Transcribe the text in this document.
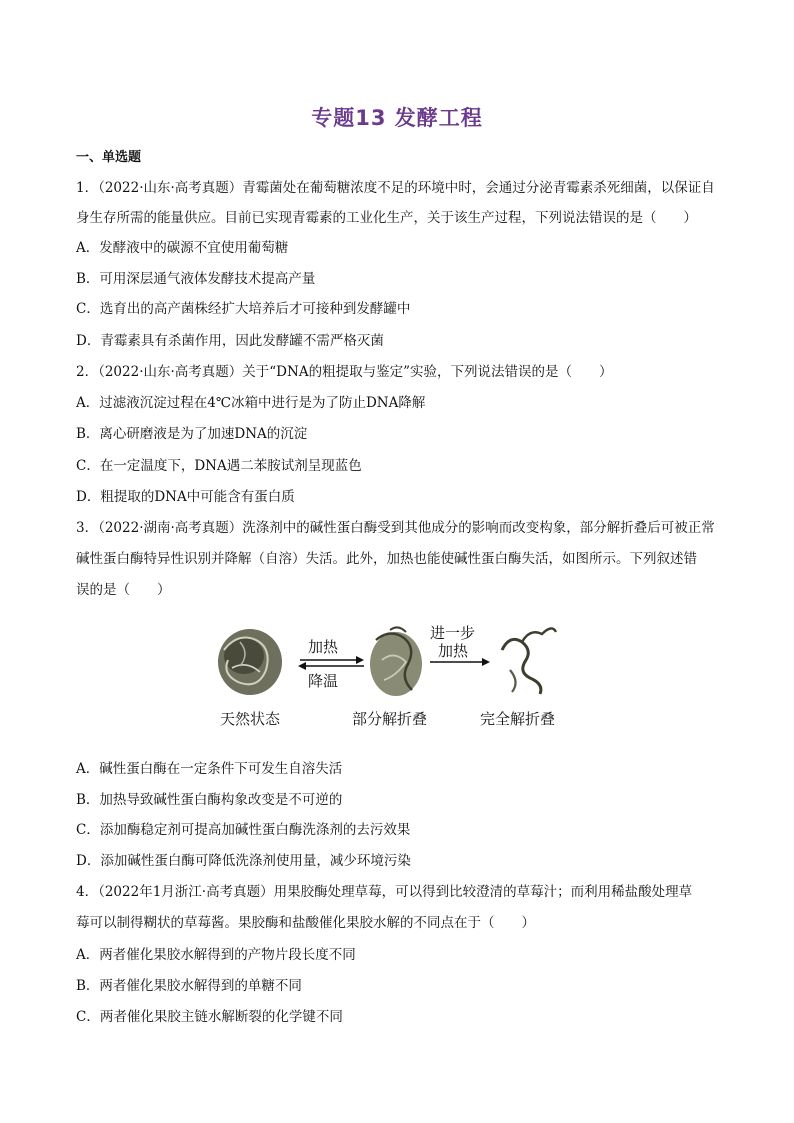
专题13 发酵工程
一、单选题
1．（2022·山东·高考真题）青霉菌处在葡萄糖浓度不足的环境中时，会通过分泌青霉素杀死细菌，以保证自
身生存所需的能量供应。目前已实现青霉素的工业化生产，关于该生产过程，下列说法错误的是（　　）
A．发酵液中的碳源不宜使用葡萄糖
B．可用深层通气液体发酵技术提高产量
C．选育出的高产菌株经扩大培养后才可接种到发酵罐中
D．青霉素具有杀菌作用，因此发酵罐不需严格灭菌
2．（2022·山东·高考真题）关于“DNA的粗提取与鉴定”实验，下列说法错误的是（　　）
A．过滤液沉淀过程在4℃冰箱中进行是为了防止DNA降解
B．离心研磨液是为了加速DNA的沉淀
C．在一定温度下，DNA遇二苯胺试剂呈现蓝色
D．粗提取的DNA中可能含有蛋白质
3．（2022·湖南·高考真题）洗涤剂中的碱性蛋白酶受到其他成分的影响而改变构象，部分解折叠后可被正常
碱性蛋白酶特异性识别并降解（自溶）失活。此外，加热也能使碱性蛋白酶失活，如图所示。下列叙述错
误的是（　　）
加热
降温
进一步
加热
天然状态	部分解折叠	完全解折叠
A．碱性蛋白酶在一定条件下可发生自溶失活
B．加热导致碱性蛋白酶构象改变是不可逆的
C．添加酶稳定剂可提高加碱性蛋白酶洗涤剂的去污效果
D．添加碱性蛋白酶可降低洗涤剂使用量，减少环境污染
4．（2022年1月浙江·高考真题）用果胶酶处理草莓，可以得到比较澄清的草莓汁；而利用稀盐酸处理草
莓可以制得糊状的草莓酱。果胶酶和盐酸催化果胶水解的不同点在于（　　）
A．两者催化果胶水解得到的产物片段长度不同
B．两者催化果胶水解得到的单糖不同
C．两者催化果胶主链水解断裂的化学键不同
